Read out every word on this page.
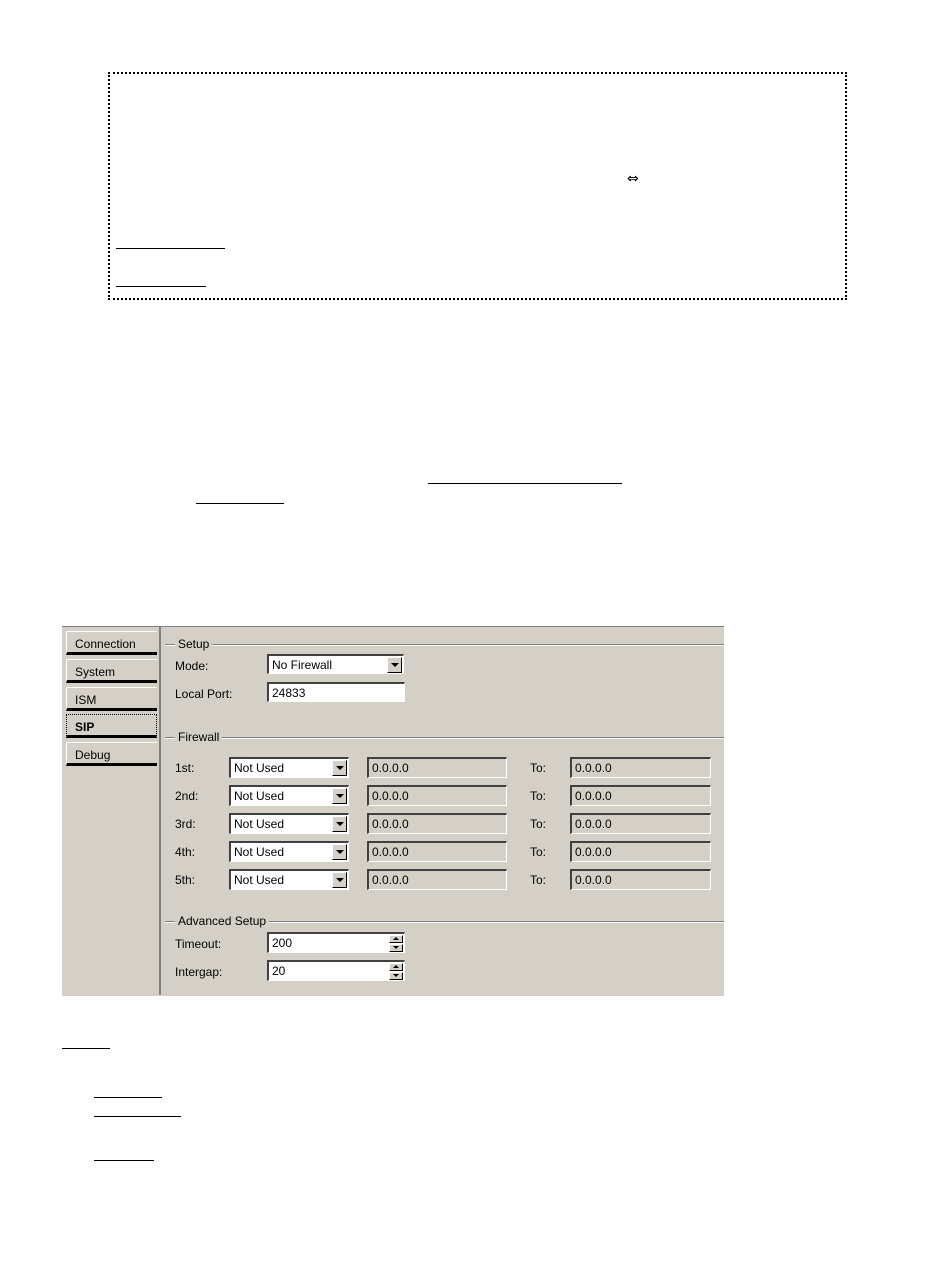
⇔
Connection
System
ISM
SIP
Debug
Setup
Mode:	No Firewall
Local Port:	24833
Firewall
1st:	Not Used	0.0.0.0	To:	0.0.0.0
2nd:	Not Used	0.0.0.0	To:	0.0.0.0
3rd:	Not Used	0.0.0.0	To:	0.0.0.0
4th:	Not Used	0.0.0.0	To:	0.0.0.0
5th:	Not Used	0.0.0.0	To:	0.0.0.0
Advanced Setup
Timeout:	200
Intergap:	20
